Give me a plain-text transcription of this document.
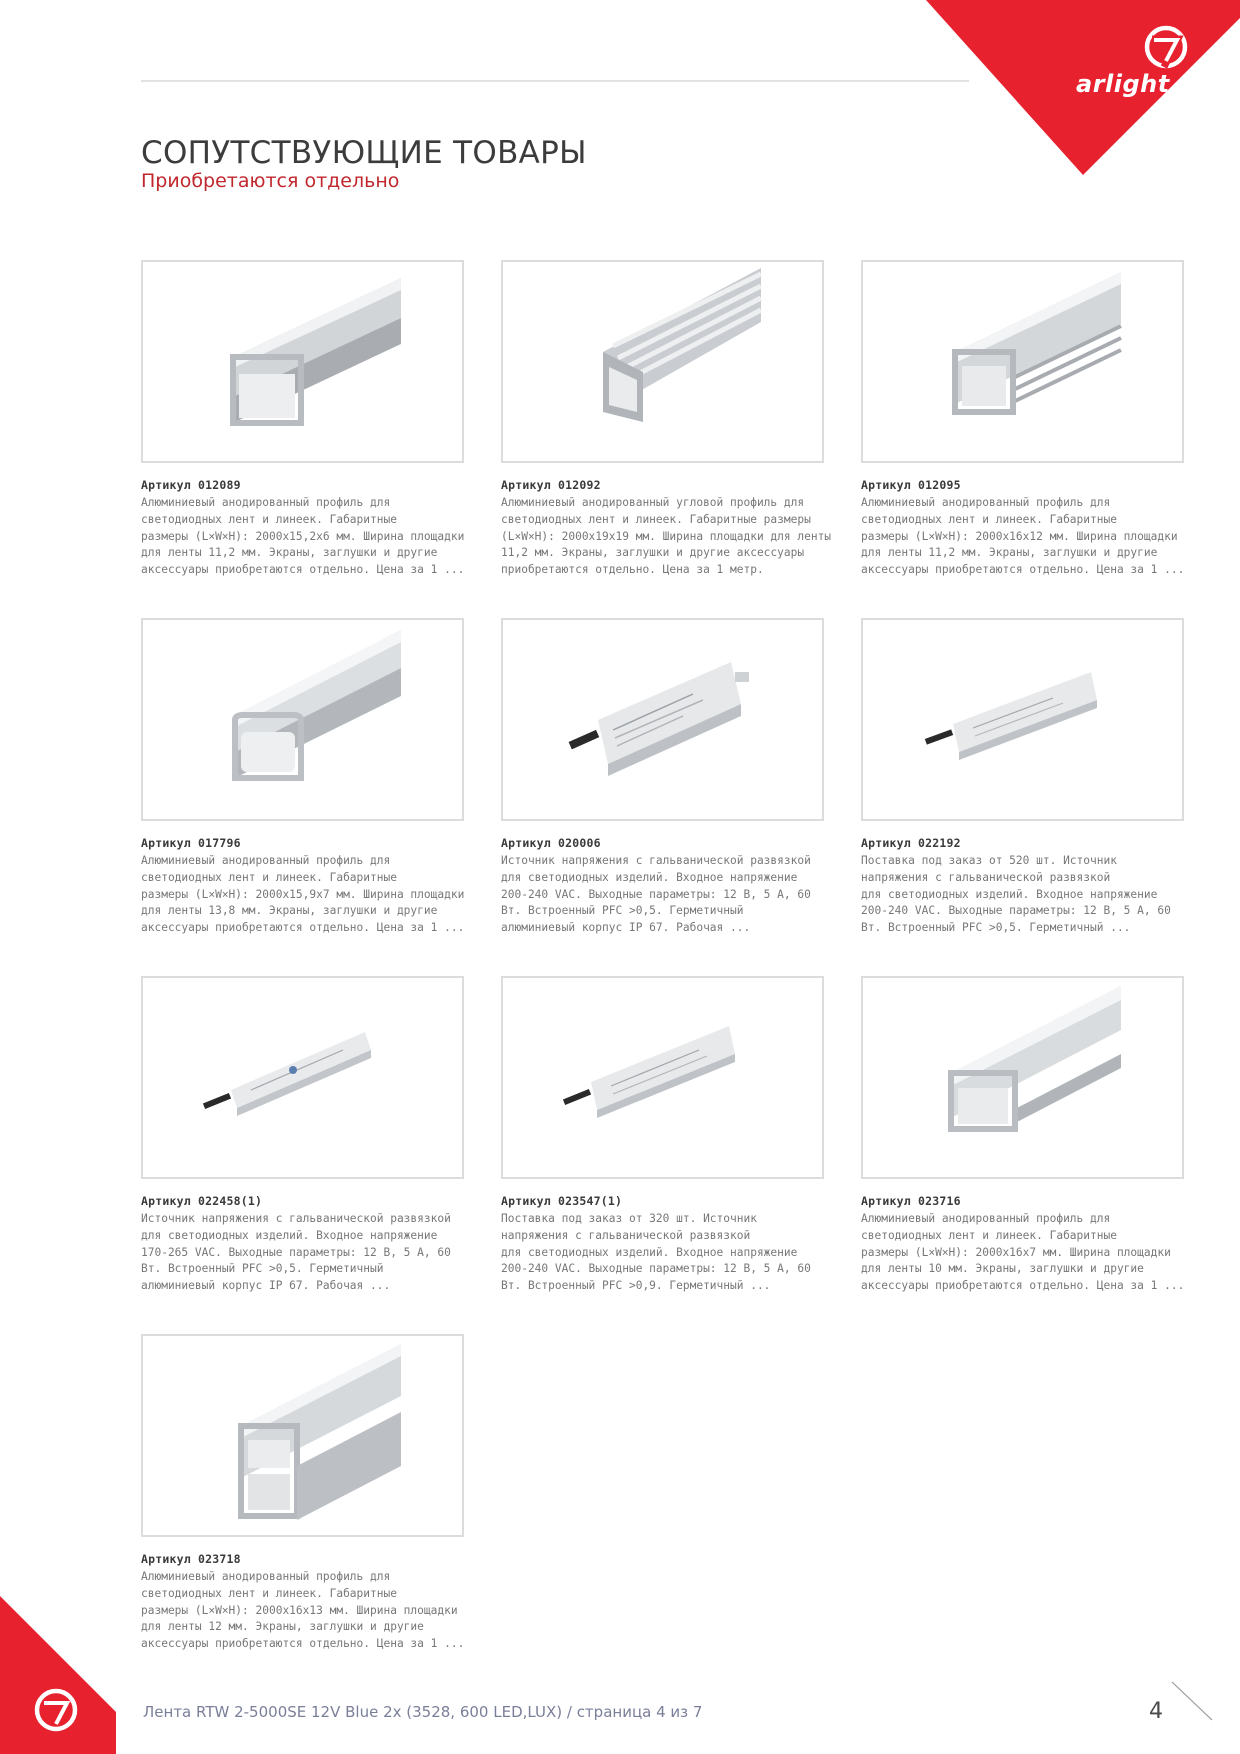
arlight
СОПУТСТВУЮЩИЕ ТОВАРЫ
Приобретаются отдельно
Артикул 012089
Алюминиевый анодированный профиль для
светодиодных лент и линеек. Габаритные
размеры (L×W×H): 2000x15,2x6 мм. Ширина площадки
для ленты 11,2 мм. Экраны, заглушки и другие
аксессуары приобретаются отдельно. Цена за 1 ...
Артикул 012092
Алюминиевый анодированный угловой профиль для
светодиодных лент и линеек. Габаритные размеры
(L×W×H): 2000x19x19 мм. Ширина площадки для ленты
11,2 мм. Экраны, заглушки и другие аксессуары
приобретаются отдельно. Цена за 1 метр.
Артикул 012095
Алюминиевый анодированный профиль для
светодиодных лент и линеек. Габаритные
размеры (L×W×H): 2000x16x12 мм. Ширина площадки
для ленты 11,2 мм. Экраны, заглушки и другие
аксессуары приобретаются отдельно. Цена за 1 ...
Артикул 017796
Алюминиевый анодированный профиль для
светодиодных лент и линеек. Габаритные
размеры (L×W×H): 2000x15,9x7 мм. Ширина площадки
для ленты 13,8 мм. Экраны, заглушки и другие
аксессуары приобретаются отдельно. Цена за 1 ...
Артикул 020006
Источник напряжения с гальванической развязкой
для светодиодных изделий. Входное напряжение
200-240 VAC. Выходные параметры: 12 В, 5 А, 60
Вт. Встроенный PFC >0,5. Герметичный
алюминиевый корпус IP 67. Рабочая ...
Артикул 022192
Поставка под заказ от 520 шт. Источник
напряжения с гальванической развязкой
для светодиодных изделий. Входное напряжение
200-240 VAC. Выходные параметры: 12 В, 5 А, 60
Вт. Встроенный PFC >0,5. Герметичный ...
Артикул 022458(1)
Источник напряжения с гальванической развязкой
для светодиодных изделий. Входное напряжение
170-265 VAC. Выходные параметры: 12 В, 5 А, 60
Вт. Встроенный PFC >0,5. Герметичный
алюминиевый корпус IP 67. Рабочая ...
Артикул 023547(1)
Поставка под заказ от 320 шт. Источник
напряжения с гальванической развязкой
для светодиодных изделий. Входное напряжение
200-240 VAC. Выходные параметры: 12 В, 5 А, 60
Вт. Встроенный PFC >0,9. Герметичный ...
Артикул 023716
Алюминиевый анодированный профиль для
светодиодных лент и линеек. Габаритные
размеры (L×W×H): 2000x16x7 мм. Ширина площадки
для ленты 10 мм. Экраны, заглушки и другие
аксессуары приобретаются отдельно. Цена за 1 ...
Артикул 023718
Алюминиевый анодированный профиль для
светодиодных лент и линеек. Габаритные
размеры (L×W×H): 2000x16x13 мм. Ширина площадки
для ленты 12 мм. Экраны, заглушки и другие
аксессуары приобретаются отдельно. Цена за 1 ...
Лента RTW 2-5000SE 12V Blue 2x (3528, 600 LED,LUX) / страница 4 из 7	4
